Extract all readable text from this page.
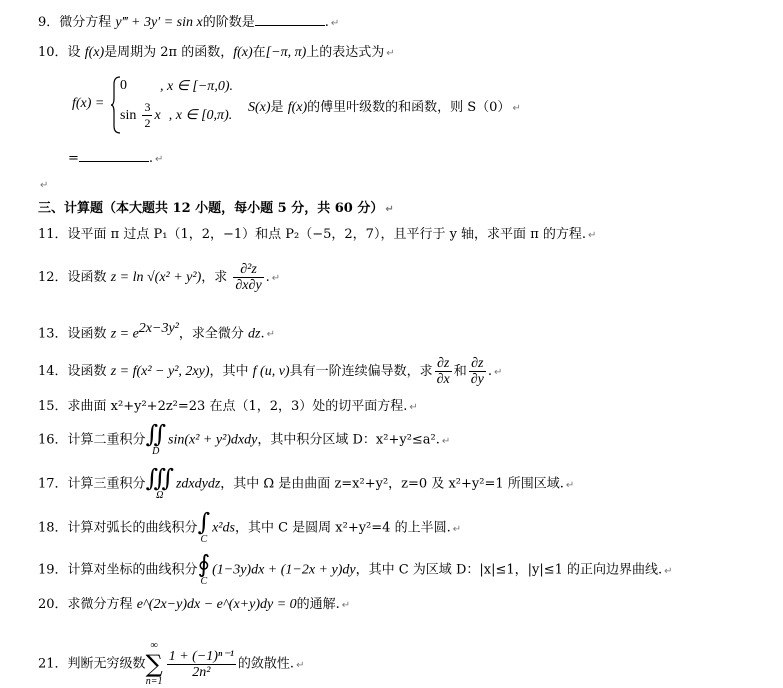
9．微分方程 y‴ + 3y′ = sin x的阶数是	. ↵
10．设 f(x)是周期为 2π 的函数，f(x)在[−π, π)上的表达式为 ↵
f(x) =
0 , x ∈ [−π,0).
$\sin \frac{3}{2}$ x , x ∈ [0,π).
S(x)是 f(x)的傅里叶级数的和函数，则 S（0） ↵
=	. ↵
↵
三、计算题（本大题共 12 小题，每小题 5 分，共 60 分） ↵
11．设平面 π 过点 P₁（1，2，−1）和点 P₂（−5，2，7），且平行于 y 轴，求平面 π 的方程. ↵
12．设函数 z = ln √(x² + y²)，求 $\frac{\text{∂²z}}{\partial x\partial y}$ . ↵
13．设函数 $z = e^{2x-3y^2}$，求全微分 dz. ↵
14．设函数 z = f(x² − y², 2xy)，其中 f (u, v)具有一阶连续偏导数，求 $\frac{\partial z}{\partial x}$ 和 $\frac{\partial z}{\partial y}$ . ↵
15．求曲面 x²+y²+2z²=23 在点（1，2，3）处的切平面方程. ↵
16．计算二重积分 ∬
D
sin(x² + y²)dxdy，其中积分区域 D：x²+y²≤a². ↵
17．计算三重积分 ∭
Ω
zdxdydz，其中 Ω 是由曲面 z=x²+y²，z=0 及 x²+y²=1 所围区域. ↵
18．计算对弧长的曲线积分 ∫
C
x²ds，其中 C 是圆周 x²+y²=4 的上半圆. ↵
19．计算对坐标的曲线积分 ∮
C
(1−3y)dx + (1−2x + y)dy，其中 C 为区域 D：|x|≤1，|y|≤1 的正向边界曲线. ↵
20．求微分方程 e^(2x−y)dx − e^(x+y)dy = 0的通解. ↵
21．判断无穷级数
∞
∑
n=1
$\frac{\text{1 + (−1)ⁿ⁻¹}}{\text{2n²}}$ 的敛散性. ↵
